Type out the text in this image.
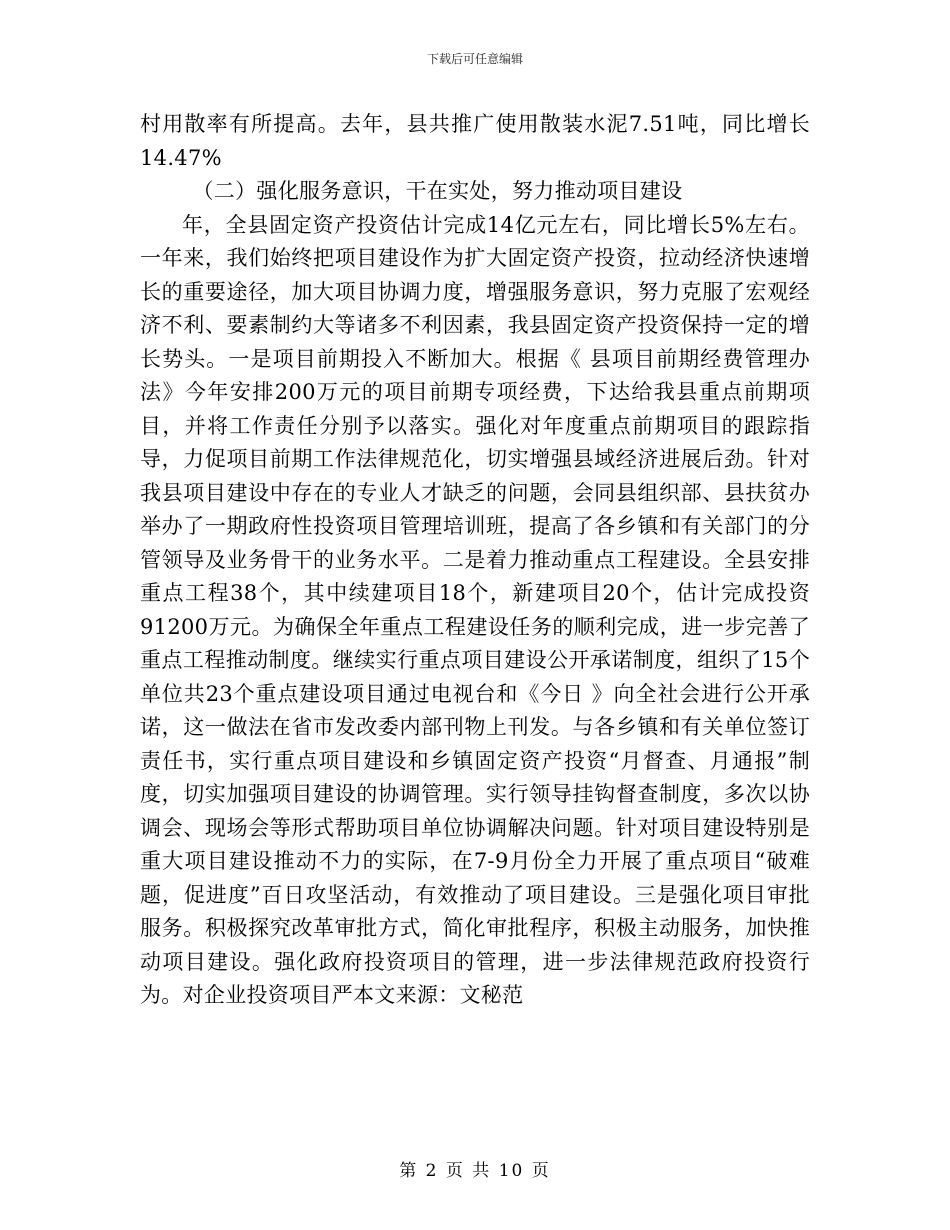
下载后可任意编辑

村用散率有所提高。去年，县共推广使用散装水泥7.51吨，同比增长14.47%

（二）强化服务意识，干在实处，努力推动项目建设

年，全县固定资产投资估计完成14亿元左右，同比增长5%左右。一年来，我们始终把项目建设作为扩大固定资产投资，拉动经济快速增长的重要途径，加大项目协调力度，增强服务意识，努力克服了宏观经济不利、要素制约大等诸多不利因素，我县固定资产投资保持一定的增长势头。一是项目前期投入不断加大。根据《 县项目前期经费管理办法》今年安排200万元的项目前期专项经费，下达给我县重点前期项目，并将工作责任分别予以落实。强化对年度重点前期项目的跟踪指导，力促项目前期工作法律规范化，切实增强县域经济进展后劲。针对我县项目建设中存在的专业人才缺乏的问题，会同县组织部、县扶贫办举办了一期政府性投资项目管理培训班，提高了各乡镇和有关部门的分管领导及业务骨干的业务水平。二是着力推动重点工程建设。全县安排重点工程38个，其中续建项目18个，新建项目20个，估计完成投资91200万元。为确保全年重点工程建设任务的顺利完成，进一步完善了重点工程推动制度。继续实行重点项目建设公开承诺制度，组织了15个单位共23个重点建设项目通过电视台和《今日 》向全社会进行公开承诺，这一做法在省市发改委内部刊物上刊发。与各乡镇和有关单位签订责任书，实行重点项目建设和乡镇固定资产投资“月督查、月通报”制度，切实加强项目建设的协调管理。实行领导挂钩督查制度，多次以协调会、现场会等形式帮助项目单位协调解决问题。针对项目建设特别是重大项目建设推动不力的实际，在7-9月份全力开展了重点项目“破难题，促进度”百日攻坚活动，有效推动了项目建设。三是强化项目审批服务。积极探究改革审批方式，简化审批程序，积极主动服务，加快推动项目建设。强化政府投资项目的管理，进一步法律规范政府投资行为。对企业投资项目严本文来源：文秘范

第 2 页 共 10 页
